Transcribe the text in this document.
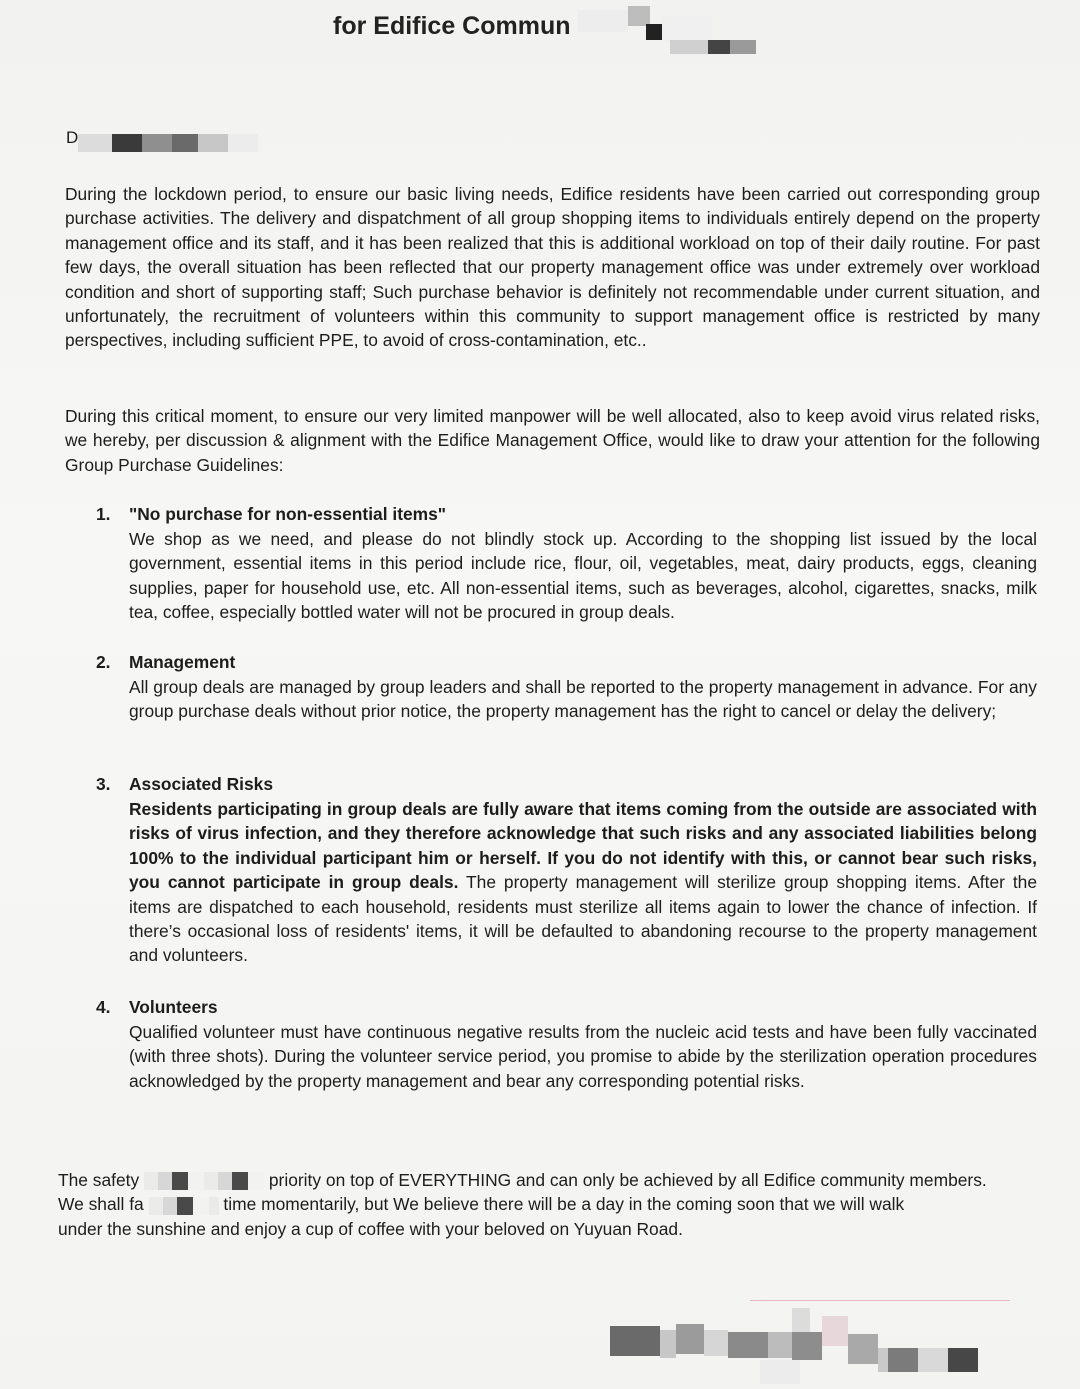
for Edifice Commun
D
During the lockdown period, to ensure our basic living needs, Edifice residents have been carried out corresponding group purchase activities. The delivery and dispatchment of all group shopping items to individuals entirely depend on the property management office and its staff, and it has been realized that this is additional workload on top of their daily routine. For past few days, the overall situation has been reflected that our property management office was under extremely over workload condition and short of supporting staff; Such purchase behavior is definitely not recommendable under current situation, and unfortunately, the recruitment of volunteers within this community to support management office is restricted by many perspectives, including sufficient PPE, to avoid of cross-contamination, etc..
During this critical moment, to ensure our very limited manpower will be well allocated, also to keep avoid virus related risks, we hereby, per discussion & alignment with the Edifice Management Office, would like to draw your attention for the following Group Purchase Guidelines:
1. "No purchase for non-essential items"
We shop as we need, and please do not blindly stock up. According to the shopping list issued by the local government, essential items in this period include rice, flour, oil, vegetables, meat, dairy products, eggs, cleaning supplies, paper for household use, etc. All non-essential items, such as beverages, alcohol, cigarettes, snacks, milk tea, coffee, especially bottled water will not be procured in group deals.
2. Management
All group deals are managed by group leaders and shall be reported to the property management in advance. For any group purchase deals without prior notice, the property management has the right to cancel or delay the delivery;
3. Associated Risks
Residents participating in group deals are fully aware that items coming from the outside are associated with risks of virus infection, and they therefore acknowledge that such risks and any associated liabilities belong 100% to the individual participant him or herself. If you do not identify with this, or cannot bear such risks, you cannot participate in group deals. The property management will sterilize group shopping items. After the items are dispatched to each household, residents must sterilize all items again to lower the chance of infection. If there’s occasional loss of residents' items, it will be defaulted to abandoning recourse to the property management and volunteers.
4. Volunteers
Qualified volunteer must have continuous negative results from the nucleic acid tests and have been fully vaccinated (with three shots). During the volunteer service period, you promise to abide by the sterilization operation procedures acknowledged by the property management and bear any corresponding potential risks.
The safety	priority on top of EVERYTHING and can only be achieved by all Edifice community members.
We shall fa	time momentarily, but We believe there will be a day in the coming soon that we will walk
under the sunshine and enjoy a cup of coffee with your beloved on Yuyuan Road.
